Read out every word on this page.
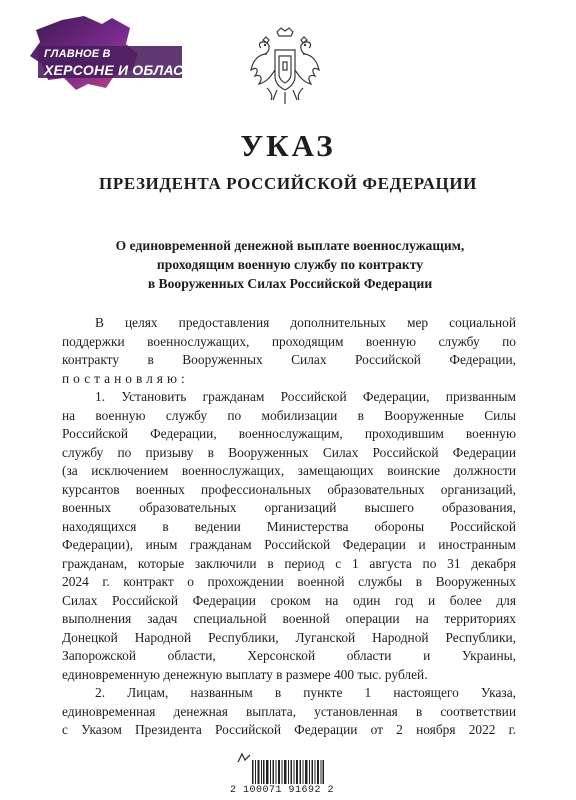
ГЛАВНОЕ В
ХЕРСОНЕ И ОБЛАСТИ
УКАЗ
ПРЕЗИДЕНТА РОССИЙСКОЙ ФЕДЕРАЦИИ
О единовременной денежной выплате военнослужащим,
проходящим военную службу по контракту
в Вооруженных Силах Российской Федерации
В целях предоставления дополнительных мер социальной
поддержки военнослужащих, проходящим военную службу по
контракту в Вооруженных Силах Российской Федерации,
постановляю:
1. Установить гражданам Российской Федерации, призванным
на военную службу по мобилизации в Вооруженные Силы
Российской Федерации, военнослужащим, проходившим военную
службу по призыву в Вооруженных Силах Российской Федерации
(за исключением военнослужащих, замещающих воинские должности
курсантов военных профессиональных образовательных организаций,
военных образовательных организаций высшего образования,
находящихся в ведении Министерства обороны Российской
Федерации), иным гражданам Российской Федерации и иностранным
гражданам, которые заключили в период с 1 августа по 31 декабря
2024 г. контракт о прохождении военной службы в Вооруженных
Силах Российской Федерации сроком на один год и более для
выполнения задач специальной военной операции на территориях
Донецкой Народной Республики, Луганской Народной Республики,
Запорожской области, Херсонской области и Украины,
единовременную денежную выплату в размере 400 тыс. рублей.
2. Лицам, названным в пункте 1 настоящего Указа,
единовременная денежная выплата, установленная в соответствии
с Указом Президента Российской Федерации от 2 ноября 2022 г.
2 100071 91692 2
